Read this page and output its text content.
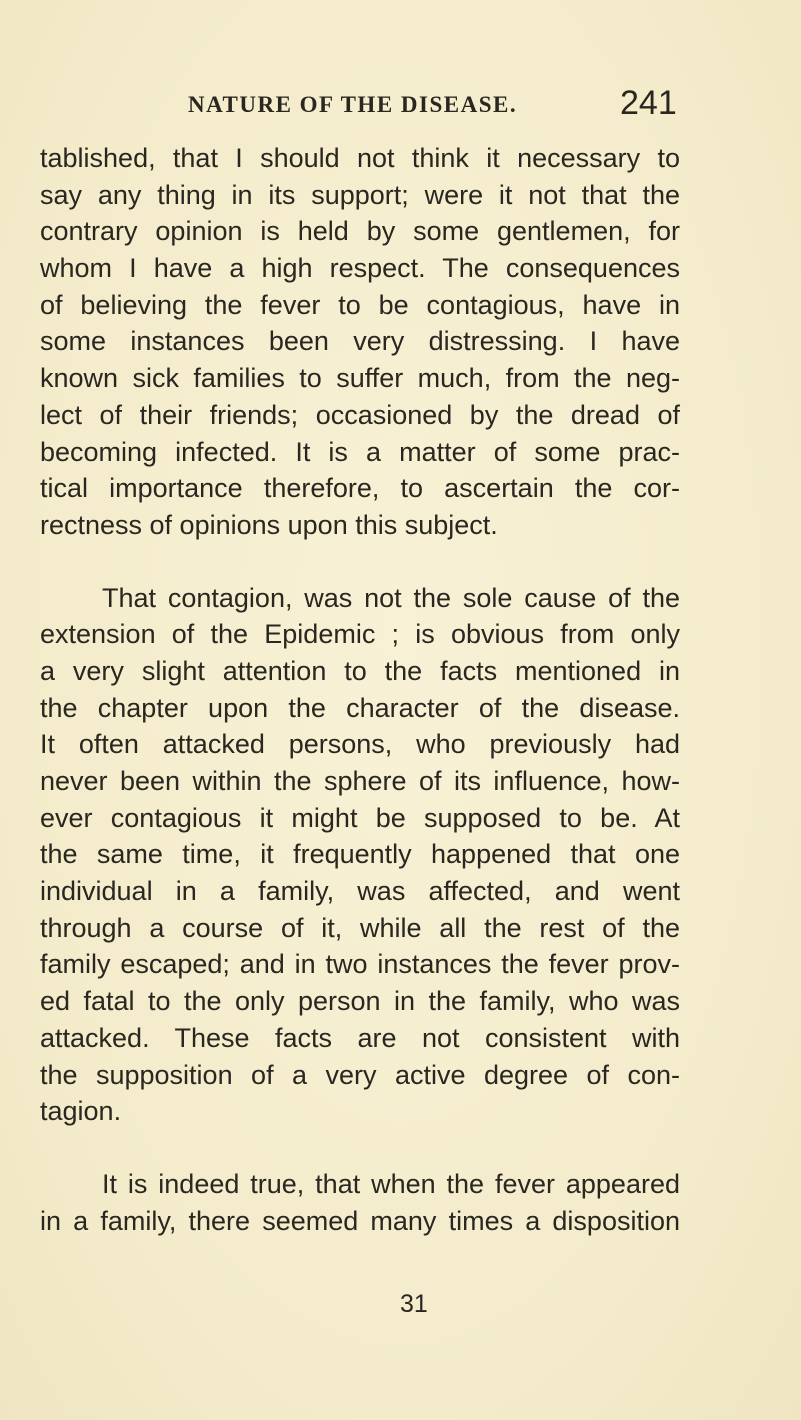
NATURE OF THE DISEASE.	241
tablished, that I should not think it necessary to
say any thing in its support; were it not that the
contrary opinion is held by some gentlemen, for
whom I have a high respect. The consequences
of believing the fever to be contagious, have in
some instances been very distressing. I have
known sick families to suffer much, from the neg-
lect of their friends; occasioned by the dread of
becoming infected. It is a matter of some prac-
tical importance therefore, to ascertain the cor-
rectness of opinions upon this subject.
That contagion, was not the sole cause of the
extension of the Epidemic ; is obvious from only
a very slight attention to the facts mentioned in
the chapter upon the character of the disease.
It often attacked persons, who previously had
never been within the sphere of its influence, how-
ever contagious it might be supposed to be. At
the same time, it frequently happened that one
individual in a family, was affected, and went
through a course of it, while all the rest of the
family escaped; and in two instances the fever prov-
ed fatal to the only person in the family, who was
attacked. These facts are not consistent with
the supposition of a very active degree of con-
tagion.
It is indeed true, that when the fever appeared
in a family, there seemed many times a disposition
31
